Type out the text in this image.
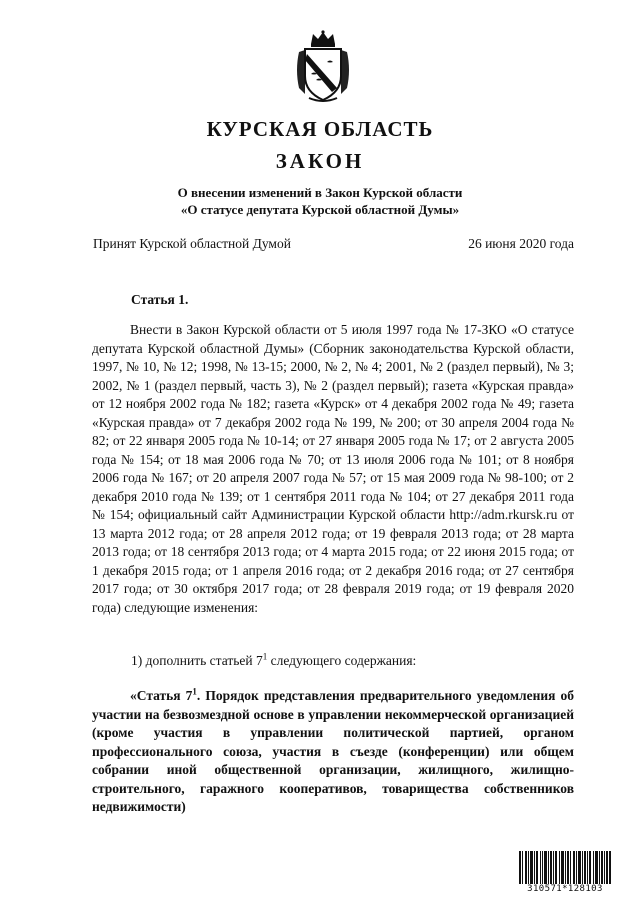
КУРСКАЯ ОБЛАСТЬ
ЗАКОН
О внесении изменений в Закон Курской области
«О статусе депутата Курской областной Думы»
Принят Курской областной Думой	26 июня 2020 года
Статья 1.
Внести в Закон Курской области от 5 июля 1997 года № 17-ЗКО «О статусе депутата Курской областной Думы» (Сборник законодательства Курской области, 1997, № 10, № 12; 1998, № 13-15; 2000, № 2, № 4; 2001, № 2 (раздел первый), № 3; 2002, № 1 (раздел первый, часть 3), № 2 (раздел первый); газета «Курская правда» от 12 ноября 2002 года № 182; газета «Курск» от 4 декабря 2002 года № 49; газета «Курская правда» от 7 декабря 2002 года № 199, № 200; от 30 апреля 2004 года № 82; от 22 января 2005 года № 10-14; от 27 января 2005 года № 17; от 2 августа 2005 года № 154; от 18 мая 2006 года № 70; от 13 июля 2006 года № 101; от 8 ноября 2006 года № 167; от 20 апреля 2007 года № 57; от 15 мая 2009 года № 98-100; от 2 декабря 2010 года № 139; от 1 сентября 2011 года № 104; от 27 декабря 2011 года № 154; официальный сайт Администрации Курской области http://adm.rkursk.ru от 13 марта 2012 года; от 28 апреля 2012 года; от 19 февраля 2013 года; от 28 марта 2013 года; от 18 сентября 2013 года; от 4 марта 2015 года; от 22 июня 2015 года; от 1 декабря 2015 года; от 1 апреля 2016 года; от 2 декабря 2016 года; от 27 сентября 2017 года; от 30 октября 2017 года; от 28 февраля 2019 года; от 19 февраля 2020 года) следующие изменения:
1) дополнить статьей $7^1$ следующего содержания:
«Статья $7^1$. Порядок представления предварительного уведомления об участии на безвозмездной основе в управлении некоммерческой организацией (кроме участия в управлении политической партией, органом профессионального союза, участия в съезде (конференции) или общем собрании иной общественной организации, жилищного, жилищно-строительного, гаражного кооперативов, товарищества собственников недвижимости)
310571*128103
